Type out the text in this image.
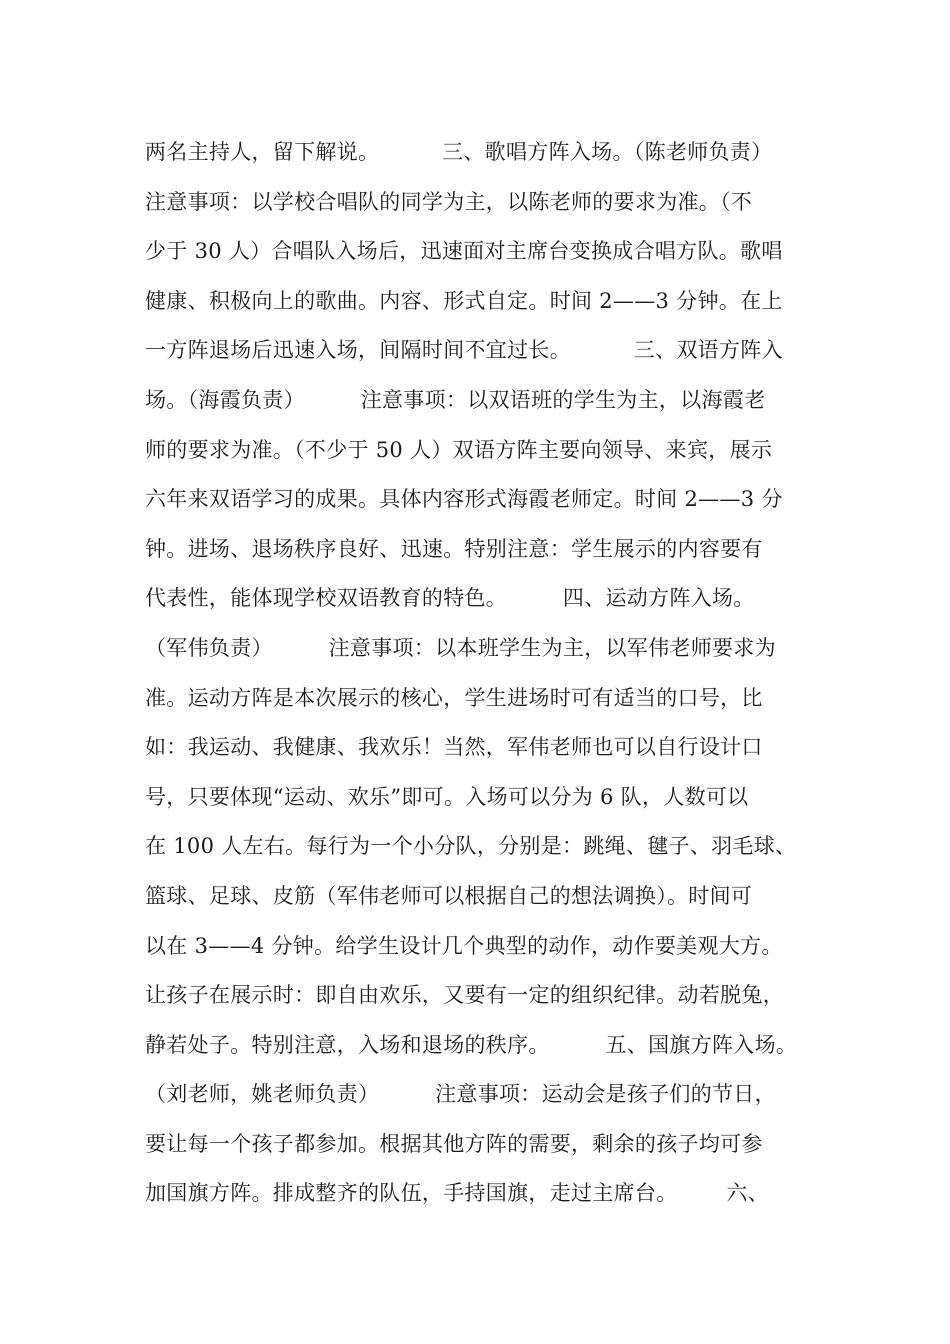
两名主持人，留下解说。         三、歌唱方阵入场。（陈老师负责）
注意事项：以学校合唱队的同学为主，以陈老师的要求为准。（不
少于 30 人）合唱队入场后，迅速面对主席台变换成合唱方队。歌唱
健康、积极向上的歌曲。内容、形式自定。时间 2——3 分钟。在上
一方阵退场后迅速入场，间隔时间不宜过长。         三、双语方阵入
场。（海霞负责）        注意事项：以双语班的学生为主，以海霞老
师的要求为准。（不少于 50 人）双语方阵主要向领导、来宾，展示
六年来双语学习的成果。具体内容形式海霞老师定。时间 2——3 分
钟。进场、退场秩序良好、迅速。特别注意：学生展示的内容要有
代表性，能体现学校双语教育的特色。        四、运动方阵入场。
（军伟负责）        注意事项：以本班学生为主，以军伟老师要求为
准。运动方阵是本次展示的核心，学生进场时可有适当的口号，比
如：我运动、我健康、我欢乐！当然，军伟老师也可以自行设计口
号，只要体现“运动、欢乐”即可。入场可以分为 6 队，人数可以
在 100 人左右。每行为一个小分队，分别是：跳绳、毽子、羽毛球、
篮球、足球、皮筋（军伟老师可以根据自己的想法调换）。时间可
以在 3——4 分钟。给学生设计几个典型的动作，动作要美观大方。
让孩子在展示时：即自由欢乐，又要有一定的组织纪律。动若脱兔，
静若处子。特别注意，入场和退场的秩序。        五、国旗方阵入场。
（刘老师，姚老师负责）        注意事项：运动会是孩子们的节日，
要让每一个孩子都参加。根据其他方阵的需要，剩余的孩子均可参
加国旗方阵。排成整齐的队伍，手持国旗，走过主席台。       六、
